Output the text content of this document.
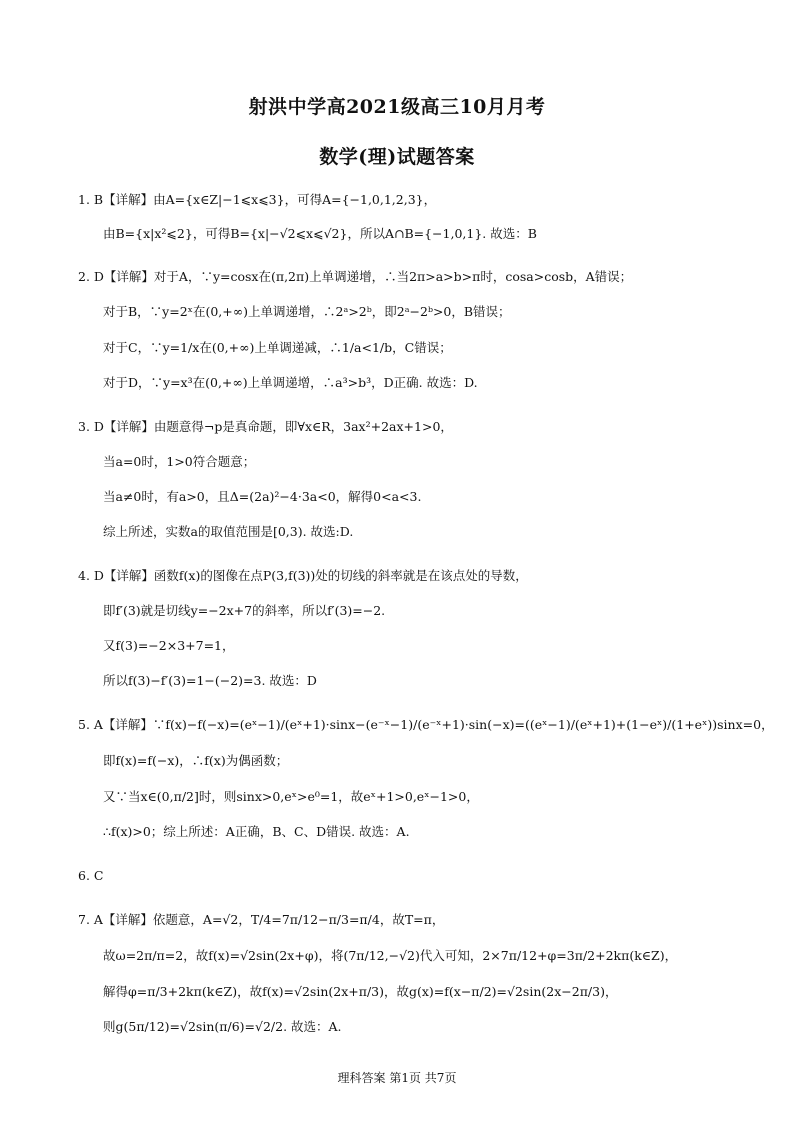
射洪中学高2021级高三10月月考
数学(理)试题答案
1. B【详解】由A={x∈Z|−1⩽x⩽3}，可得A={−1,0,1,2,3}，
由B={x|x²⩽2}，可得B={x|−√2⩽x⩽√2}，所以A∩B={−1,0,1}. 故选：B
2. D【详解】对于A，∵y=cosx在(π,2π)上单调递增，∴当2π>a>b>π时，cosa>cosb，A错误；
对于B，∵y=2ˣ在(0,+∞)上单调递增，∴2ᵃ>2ᵇ，即2ᵃ−2ᵇ>0，B错误；
对于C，∵y=1/x在(0,+∞)上单调递减，∴1/a<1/b，C错误；
对于D，∵y=x³在(0,+∞)上单调递增，∴a³>b³，D正确. 故选：D.
3. D【详解】由题意得¬p是真命题，即∀x∈R，3ax²+2ax+1>0，
当a=0时，1>0符合题意；
当a≠0时，有a>0，且Δ=(2a)²−4·3a<0，解得0<a<3.
综上所述，实数a的取值范围是[0,3). 故选:D.
4. D【详解】函数f(x)的图像在点P(3,f(3))处的切线的斜率就是在该点处的导数，
即f′(3)就是切线y=−2x+7的斜率，所以f′(3)=−2.
又f(3)=−2×3+7=1，
所以f(3)−f′(3)=1−(−2)=3. 故选：D
5. A【详解】∵f(x)−f(−x)=(eˣ−1)/(eˣ+1)·sinx−(e⁻ˣ−1)/(e⁻ˣ+1)·sin(−x)=((eˣ−1)/(eˣ+1)+(1−eˣ)/(1+eˣ))sinx=0，
即f(x)=f(−x)，∴f(x)为偶函数；
又∵当x∈(0,π/2]时，则sinx>0,eˣ>e⁰=1，故eˣ+1>0,eˣ−1>0，
∴f(x)>0；综上所述：A正确，B、C、D错误. 故选：A.
6. C
7. A【详解】依题意，A=√2，T/4=7π/12−π/3=π/4，故T=π，
故ω=2π/π=2，故f(x)=√2sin(2x+φ)，将(7π/12,−√2)代入可知，2×7π/12+φ=3π/2+2kπ(k∈Z)，
解得φ=π/3+2kπ(k∈Z)，故f(x)=√2sin(2x+π/3)，故g(x)=f(x−π/2)=√2sin(2x−2π/3)，
则g(5π/12)=√2sin(π/6)=√2/2. 故选：A.
理科答案 第1页 共7页
